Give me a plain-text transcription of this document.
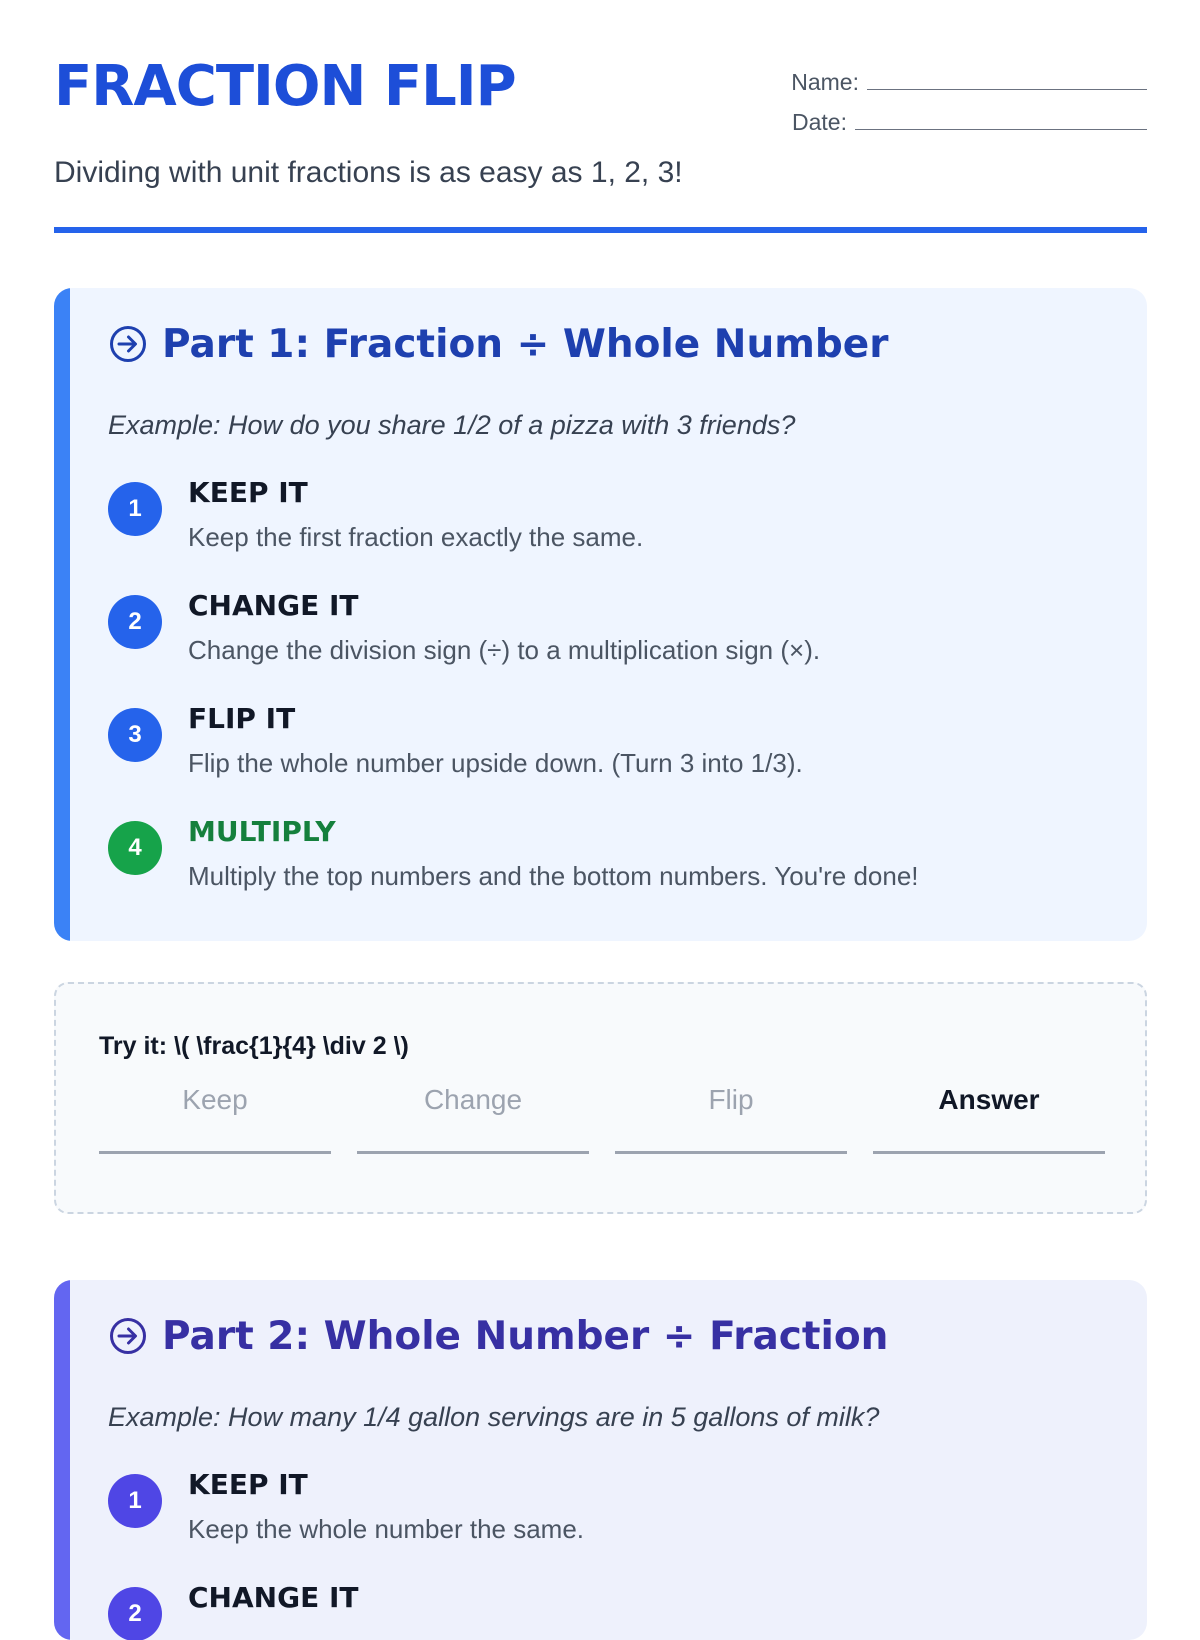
FRACTION FLIP	Name:
Date:

Dividing with unit fractions is as easy as 1, 2, 3!

Part 1: Fraction ÷ Whole Number

Example: How do you share 1/2 of a pizza with 3 friends?

1	KEEP IT

Keep the first fraction exactly the same.

2	CHANGE IT

Change the division sign (÷) to a multiplication sign (×).

3	FLIP IT

Flip the whole number upside down. (Turn 3 into 1/3).

4	MULTIPLY

Multiply the top numbers and the bottom numbers. You're done!

Try it: \( \frac{1}{4} \div 2 \)

Keep	Change	Flip	Answer
Part 2: Whole Number ÷ Fraction

Example: How many 1/4 gallon servings are in 5 gallons of milk?

1	KEEP IT

Keep the whole number the same.

2	CHANGE IT
